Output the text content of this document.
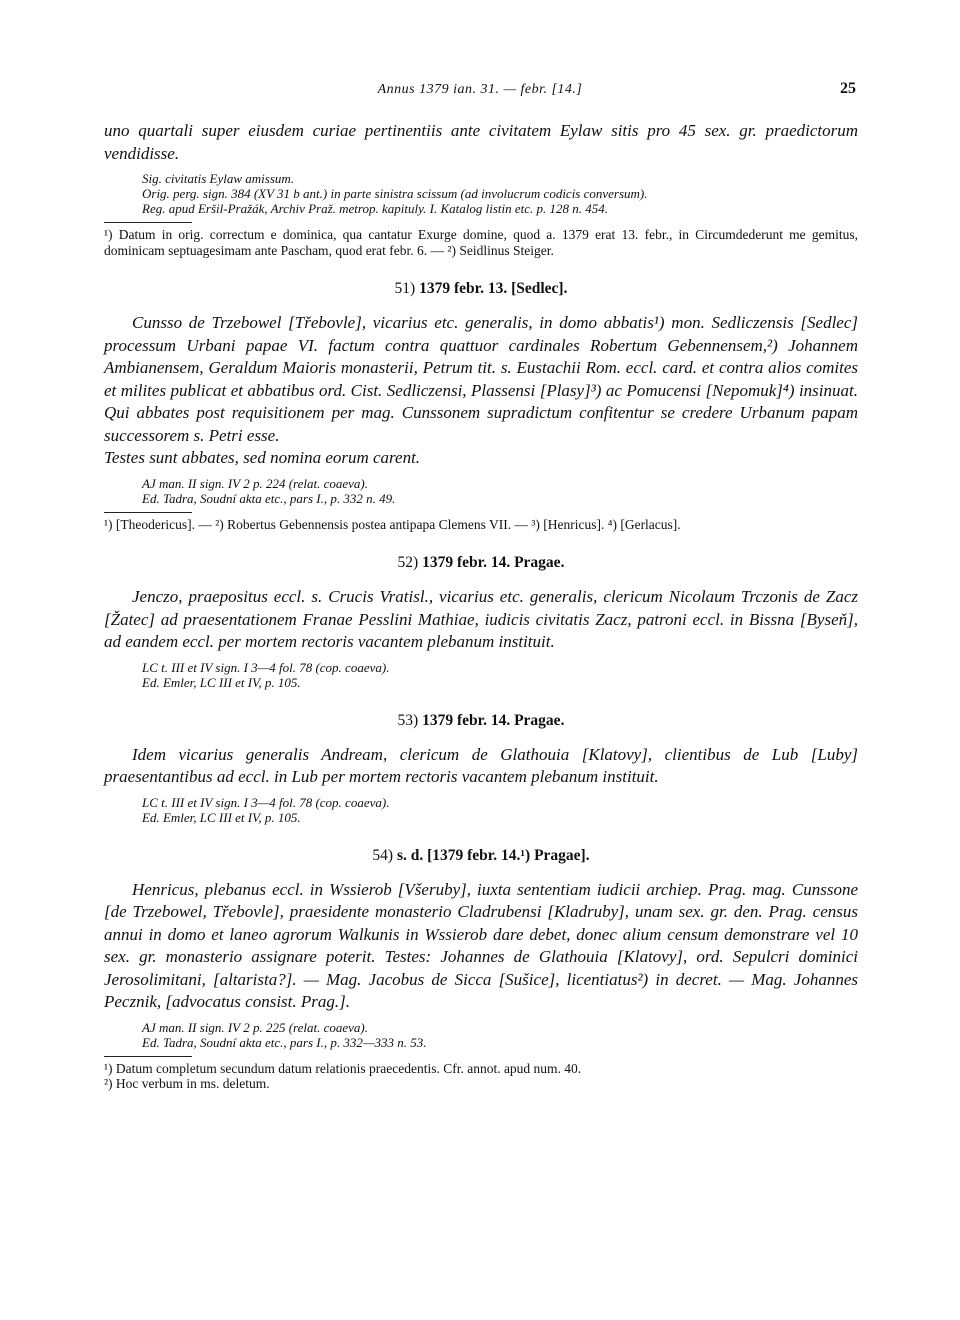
Annus 1379 ian. 31. — febr. [14.]	25

uno quartali super eiusdem curiae pertinentiis ante civitatem Eylaw sitis pro 45 sex. gr. praedictorum vendidisse.

Sig. civitatis Eylaw amissum.

Orig. perg. sign. 384 (XV 31 b ant.) in parte sinistra scissum (ad involucrum codicis conversum).

Reg. apud Eršil-Pražák, Archiv Praž. metrop. kapituly. I. Katalog listin etc. p. 128 n. 454.

¹) Datum in orig. correctum e dominica, qua cantatur Exurge domine, quod a. 1379 erat 13. febr., in Circumdederunt me gemitus, dominicam septuagesimam ante Pascham, quod erat febr. 6. — ²) Seidlinus Steiger.

51) 1379 febr. 13. [Sedlec].

Cunsso de Trzebowel [Třebovle], vicarius etc. generalis, in domo abbatis¹) mon. Sedliczensis [Sedlec] processum Urbani papae VI. factum contra quattuor cardinales Robertum Gebennensem,²) Johannem Ambianensem, Geraldum Maioris monasterii, Petrum tit. s. Eustachii Rom. eccl. card. et contra alios comites et milites publicat et abbatibus ord. Cist. Sedliczensi, Plassensi [Plasy]³) ac Pomucensi [Nepomuk]⁴) insinuat. Qui abbates post requisitionem per mag. Cunssonem supradictum confitentur se credere Urbanum papam successorem s. Petri esse.

Testes sunt abbates, sed nomina eorum carent.

AJ man. II sign. IV 2 p. 224 (relat. coaeva).

Ed. Tadra, Soudní akta etc., pars I., p. 332 n. 49.

¹) [Theodericus]. — ²) Robertus Gebennensis postea antipapa Clemens VII. — ³) [Henricus]. ⁴) [Gerlacus].

52) 1379 febr. 14. Pragae.

Jenczo, praepositus eccl. s. Crucis Vratisl., vicarius etc. generalis, clericum Nicolaum Trczonis de Zacz [Žatec] ad praesentationem Franae Pesslini Mathiae, iudicis civitatis Zacz, patroni eccl. in Bissna [Byseň], ad eandem eccl. per mortem rectoris vacantem plebanum instituit.

LC t. III et IV sign. I 3—4 fol. 78 (cop. coaeva).

Ed. Emler, LC III et IV, p. 105.

53) 1379 febr. 14. Pragae.

Idem vicarius generalis Andream, clericum de Glathouia [Klatovy], clientibus de Lub [Luby] praesentantibus ad eccl. in Lub per mortem rectoris vacantem plebanum instituit.

LC t. III et IV sign. I 3—4 fol. 78 (cop. coaeva).

Ed. Emler, LC III et IV, p. 105.

54) s. d. [1379 febr. 14.¹) Pragae].

Henricus, plebanus eccl. in Wssierob [Všeruby], iuxta sententiam iudicii archiep. Prag. mag. Cunssone [de Trzebowel, Třebovle], praesidente monasterio Cladrubensi [Kladruby], unam sex. gr. den. Prag. census annui in domo et laneo agrorum Walkunis in Wssierob dare debet, donec alium censum demonstrare vel 10 sex. gr. monasterio assignare poterit. Testes: Johannes de Glathouia [Klatovy], ord. Sepulcri dominici Jerosolimitani, [altarista?]. — Mag. Jacobus de Sicca [Sušice], licentiatus²) in decret. — Mag. Johannes Pecznik, [advocatus consist. Prag.].

AJ man. II sign. IV 2 p. 225 (relat. coaeva).

Ed. Tadra, Soudní akta etc., pars I., p. 332—333 n. 53.

¹) Datum completum secundum datum relationis praecedentis. Cfr. annot. apud num. 40.

²) Hoc verbum in ms. deletum.
